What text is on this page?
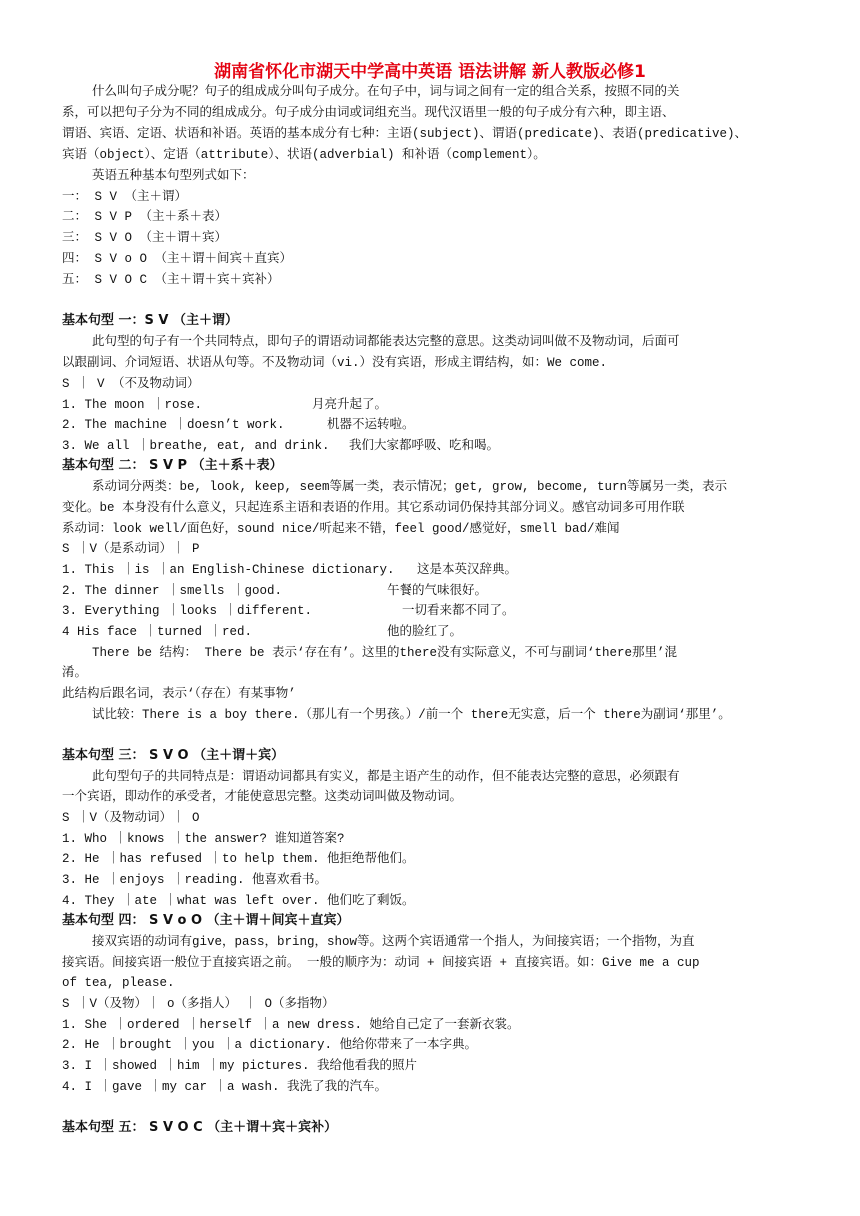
湖南省怀化市湖天中学高中英语 语法讲解 新人教版必修1
什么叫句子成分呢？句子的组成成分叫句子成分。在句子中，词与词之间有一定的组合关系，按照不同的关
系，可以把句子分为不同的组成成分。句子成分由词或词组充当。现代汉语里一般的句子成分有六种，即主语、
谓语、宾语、定语、状语和补语。英语的基本成分有七种：主语(subject)、谓语(predicate)、表语(predicative)、
宾语（object）、定语（attribute）、状语(adverbial) 和补语（complement）。
英语五种基本句型列式如下：
一： S V （主＋谓）
二： S V P （主＋系＋表）
三： S V O （主＋谓＋宾）
四： S V o O （主＋谓＋间宾＋直宾）
五： S V O C （主＋谓＋宾＋宾补）
基本句型 一：S V （主＋谓）
此句型的句子有一个共同特点，即句子的谓语动词都能表达完整的意思。这类动词叫做不及物动词，后面可
以跟副词、介词短语、状语从句等。不及物动词（vi.）没有宾语，形成主谓结构，如：We come.
S ｜ V （不及物动词）
1. The moon ｜rose.	月亮升起了。
2. The machine ｜doesn’t work.	机器不运转啦。
3. We all ｜breathe, eat, and drink. 我们大家都呼吸、吃和喝。
基本句型 二： S V P （主＋系＋表）
系动词分两类：be, look, keep, seem等属一类，表示情况；get, grow, become, turn等属另一类，表示
变化。be 本身没有什么意义，只起连系主语和表语的作用。其它系动词仍保持其部分词义。感官动词多可用作联
系动词：look well/面色好，sound nice/听起来不错，feel good/感觉好，smell bad/难闻
S ｜V（是系动词）｜ P
1. This ｜is ｜an English-Chinese dictionary. 这是本英汉辞典。
2. The dinner ｜smells ｜good.	午餐的气味很好。
3. Everything ｜looks ｜different.	一切看来都不同了。
4 His face ｜turned ｜red.	他的脸红了。
There be 结构： There be 表示‘存在有’。这里的there没有实际意义，不可与副词‘there那里’混
淆。
此结构后跟名词，表示‘（存在）有某事物’
试比较：There is a boy there.（那儿有一个男孩。）/前一个 there无实意，后一个 there为副词‘那里’。
基本句型 三： S V O （主＋谓＋宾）
此句型句子的共同特点是：谓语动词都具有实义，都是主语产生的动作，但不能表达完整的意思，必须跟有
一个宾语，即动作的承受者，才能使意思完整。这类动词叫做及物动词。
S ｜V（及物动词）｜ O
1. Who ｜knows ｜the answer? 谁知道答案?
2. He ｜has refused ｜to help them. 他拒绝帮他们。
3. He ｜enjoys ｜reading. 他喜欢看书。
4. They ｜ate ｜what was left over. 他们吃了剩饭。
基本句型 四： S V o O （主＋谓＋间宾＋直宾）
接双宾语的动词有give，pass，bring，show等。这两个宾语通常一个指人，为间接宾语；一个指物，为直
接宾语。间接宾语一般位于直接宾语之前。 一般的顺序为：动词 + 间接宾语 + 直接宾语。如：Give me a cup
of tea, please.
S ｜V（及物）｜ o（多指人） ｜ O（多指物）
1. She ｜ordered ｜herself ｜a new dress. 她给自己定了一套新衣裳。
2. He ｜brought ｜you ｜a dictionary. 他给你带来了一本字典。
3. I ｜showed ｜him ｜my pictures. 我给他看我的照片
4. I ｜gave ｜my car ｜a wash. 我洗了我的汽车。
基本句型 五： S V O C （主＋谓＋宾＋宾补）
